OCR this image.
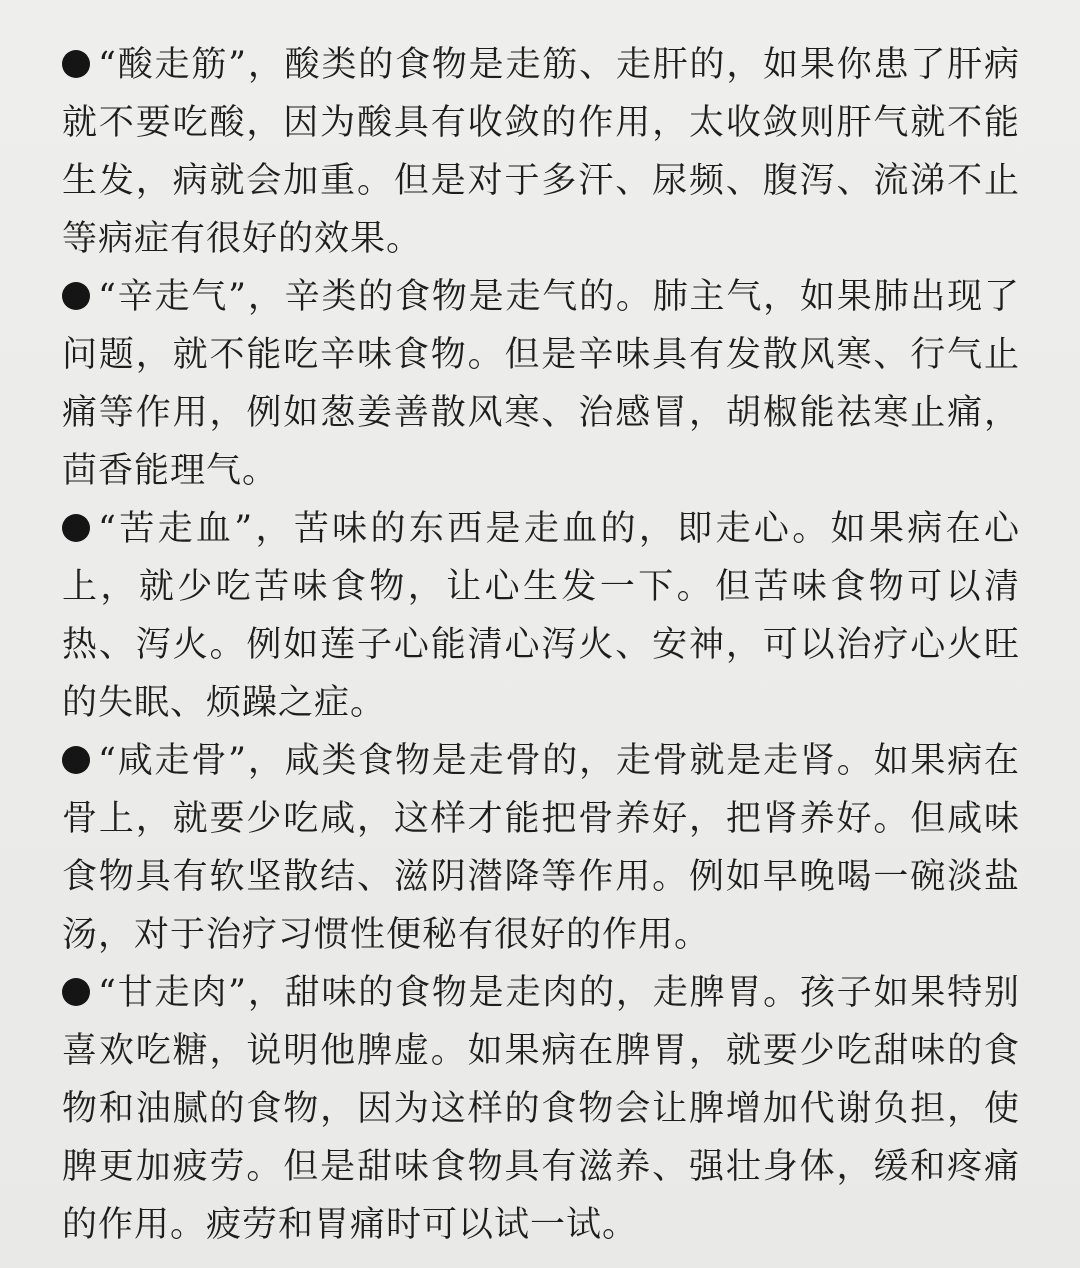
“酸走筋”，酸类的食物是走筋、走肝的，如果你患了肝病就不要吃酸，因为酸具有收敛的作用，太收敛则肝气就不能生发，病就会加重。但是对于多汗、尿频、腹泻、流涕不止等病症有很好的效果。

“辛走气”，辛类的食物是走气的。肺主气，如果肺出现了问题，就不能吃辛味食物。但是辛味具有发散风寒、行气止痛等作用，例如葱姜善散风寒、治感冒，胡椒能祛寒止痛，茴香能理气。

“苦走血”，苦味的东西是走血的，即走心。如果病在心上，就少吃苦味食物，让心生发一下。但苦味食物可以清热、泻火。例如莲子心能清心泻火、安神，可以治疗心火旺的失眠、烦躁之症。

“咸走骨”，咸类食物是走骨的，走骨就是走肾。如果病在骨上，就要少吃咸，这样才能把骨养好，把肾养好。但咸味食物具有软坚散结、滋阴潜降等作用。例如早晚喝一碗淡盐汤，对于治疗习惯性便秘有很好的作用。

“甘走肉”，甜味的食物是走肉的，走脾胃。孩子如果特别喜欢吃糖，说明他脾虚。如果病在脾胃，就要少吃甜味的食物和油腻的食物，因为这样的食物会让脾增加代谢负担，使脾更加疲劳。但是甜味食物具有滋养、强壮身体，缓和疼痛的作用。疲劳和胃痛时可以试一试。
